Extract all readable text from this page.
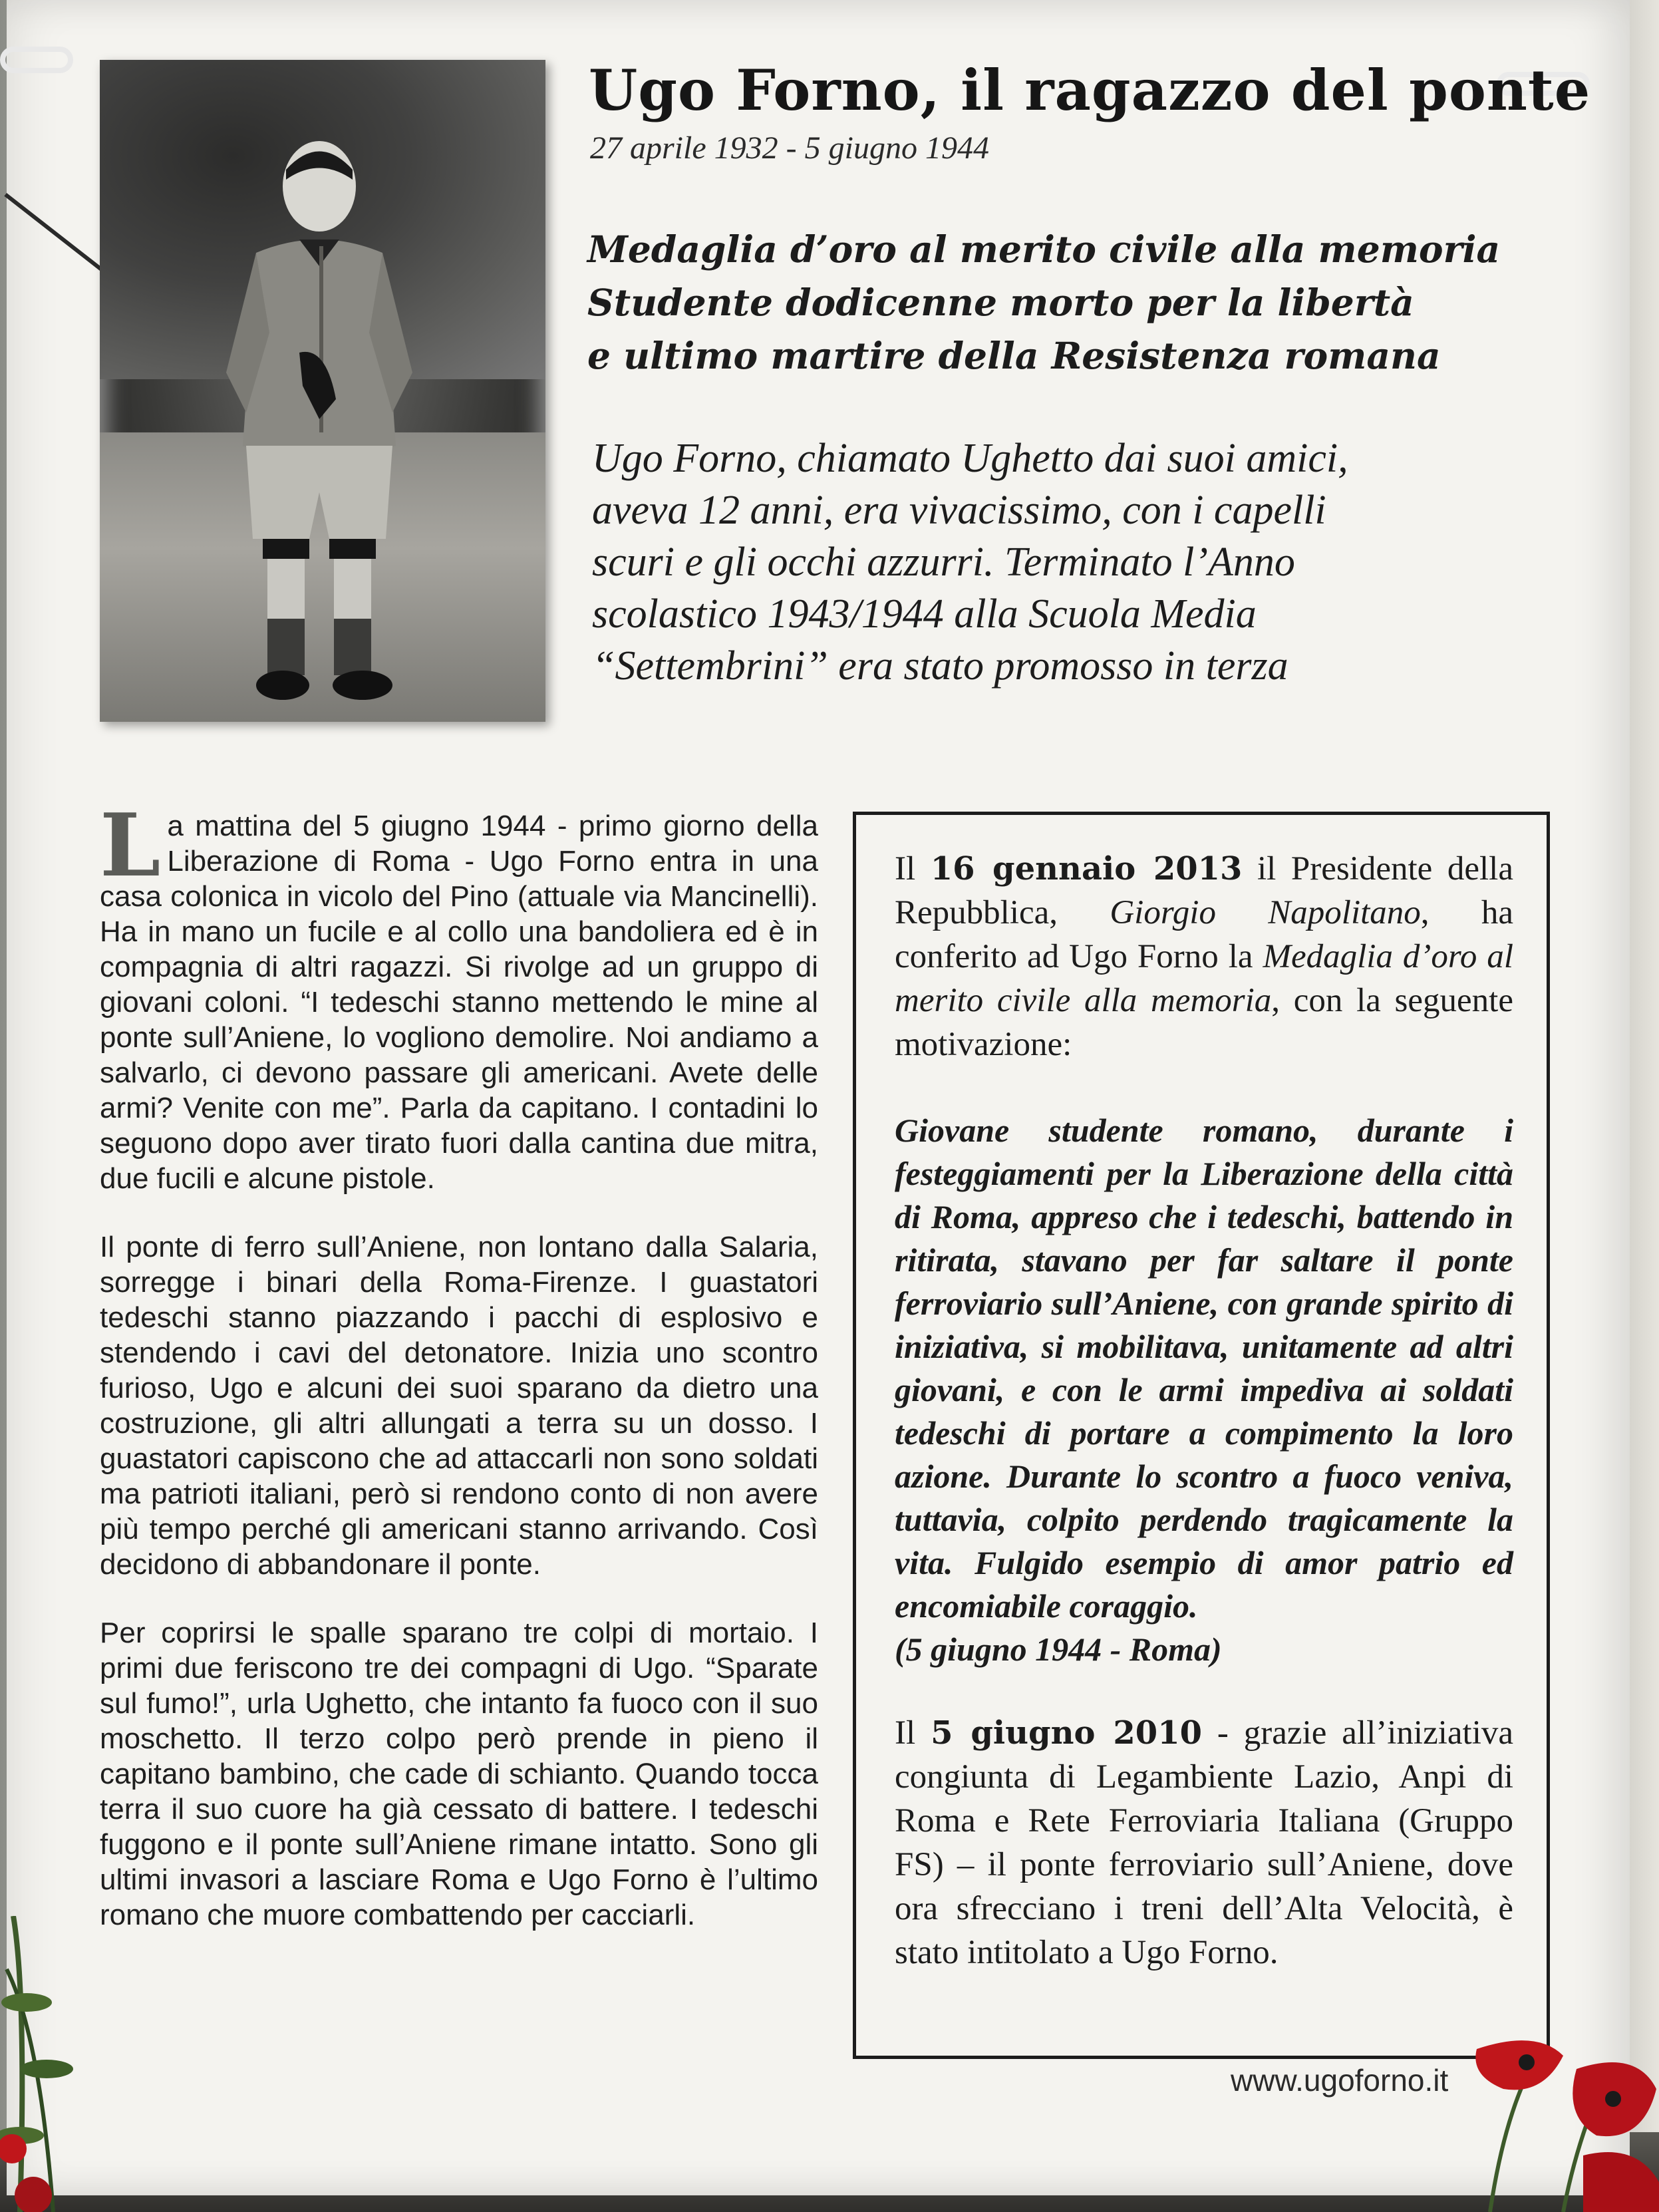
Ugo Forno, il ragazzo del ponte
27 aprile 1932 - 5 giugno 1944
Medaglia d’oro al merito civile alla memoria
Studente dodicenne morto per la libertà
e ultimo martire della Resistenza romana
Ugo Forno, chiamato Ughetto dai suoi amici,
aveva 12 anni, era vivacissimo, con i capelli
scuri e gli occhi azzurri. Terminato l’Anno
scolastico 1943/1944 alla Scuola Media
“Settembrini” era stato promosso in terza

La mattina del 5 giugno 1944 - primo giorno della Liberazione di Roma - Ugo Forno entra in una casa colonica in vicolo del Pino (attuale via Mancinelli). Ha in mano un fucile e al collo una bandoliera ed è in compagnia di altri ragazzi. Si rivolge ad un gruppo di giovani coloni. “I tedeschi stanno mettendo le mine al ponte sull’Aniene, lo vogliono demolire. Noi andiamo a salvarlo, ci devono passare gli americani. Avete delle armi? Venite con me”. Parla da capitano. I contadini lo seguono dopo aver tirato fuori dalla cantina due mitra, due fucili e alcune pistole.

Il ponte di ferro sull’Aniene, non lontano dalla Salaria, sorregge i binari della Roma-Firenze. I guastatori tedeschi stanno piazzando i pacchi di esplosivo e stendendo i cavi del detonatore. Inizia uno scontro furioso, Ugo e alcuni dei suoi sparano da dietro una costruzione, gli altri allungati a terra su un dosso. I guastatori capiscono che ad attaccarli non sono soldati ma patrioti italiani, però si rendono conto di non avere più tempo perché gli americani stanno arrivando. Così decidono di abbandonare il ponte.

Per coprirsi le spalle sparano tre colpi di mortaio. I primi due feriscono tre dei compagni di Ugo. “Sparate sul fumo!”, urla Ughetto, che intanto fa fuoco con il suo moschetto. Il terzo colpo però prende in pieno il capitano bambino, che cade di schianto. Quando tocca terra il suo cuore ha già cessato di battere. I tedeschi fuggono e il ponte sull’Aniene rimane intatto. Sono gli ultimi invasori a lasciare Roma e Ugo Forno è l’ultimo romano che muore combattendo per cacciarli.

Il 16 gennaio 2013 il Presidente della Repubblica, Giorgio Napolitano, ha conferito ad Ugo Forno la Medaglia d’oro al merito civile alla memoria, con la seguente motivazione:

Giovane studente romano, durante i festeggiamenti per la Liberazione della città di Roma, appreso che i tedeschi, battendo in ritirata, stavano per far saltare il ponte ferroviario sull’Aniene, con grande spirito di iniziativa, si mobilitava, unitamente ad altri giovani, e con le armi impediva ai soldati tedeschi di portare a compimento la loro azione. Durante lo scontro a fuoco veniva, tuttavia, colpito perdendo tragicamente la vita. Fulgido esempio di amor patrio ed encomiabile coraggio.
(5 giugno 1944 - Roma)

Il 5 giugno 2010 - grazie all’iniziativa congiunta di Legambiente Lazio, Anpi di Roma e Rete Ferroviaria Italiana (Gruppo FS) – il ponte ferroviario sull’Aniene, dove ora sfrecciano i treni dell’Alta Velocità, è stato intitolato a Ugo Forno.

www.ugoforno.it
